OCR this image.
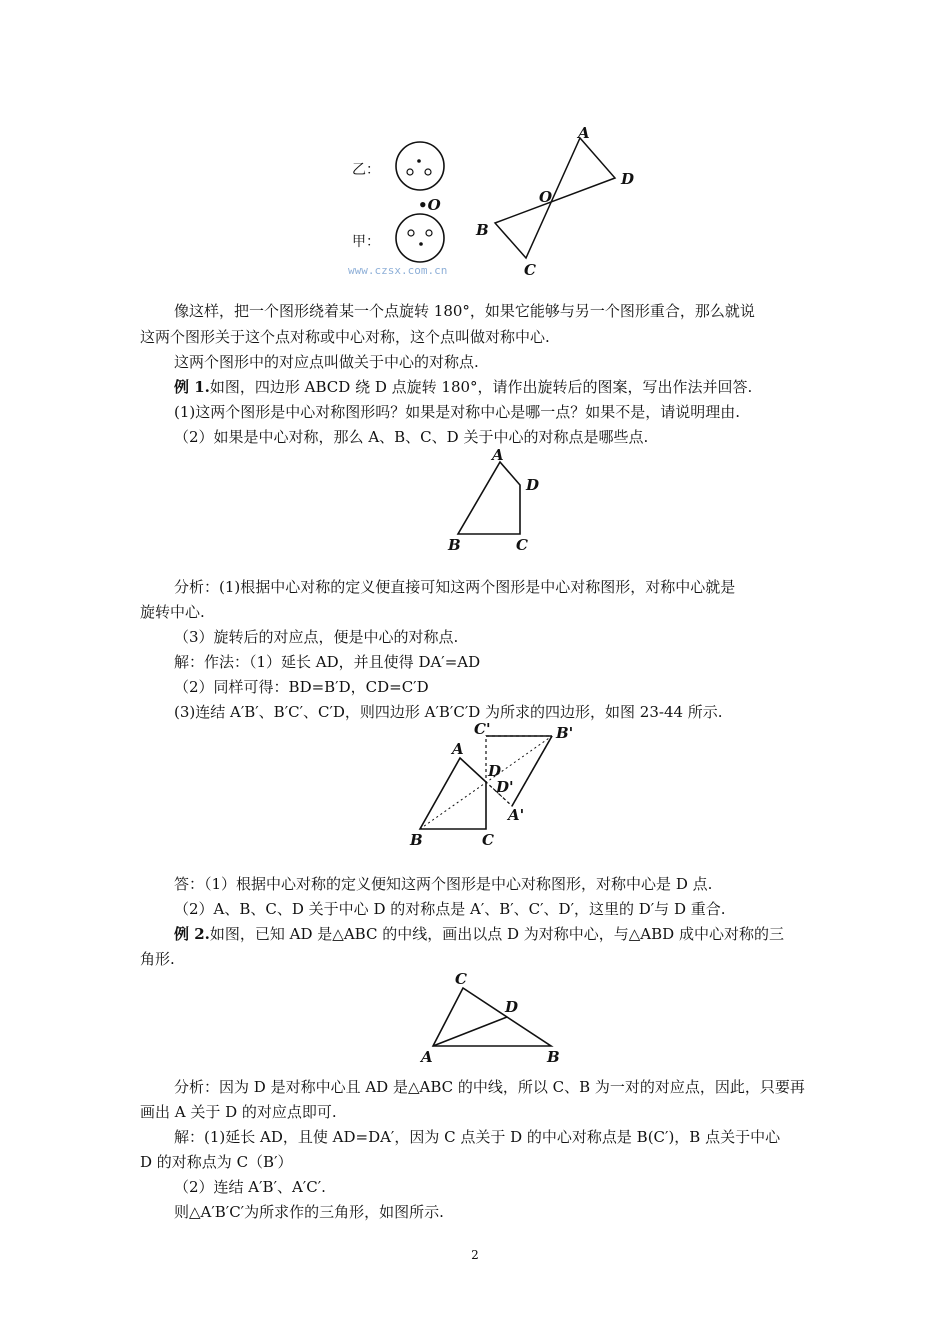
乙：
•O
甲：
A
D
B
C
O
www.czsx.com.cn
像这样，把一个图形绕着某一个点旋转 180°，如果它能够与另一个图形重合，那么就说
这两个图形关于这个点对称或中心对称，这个点叫做对称中心.
这两个图形中的对应点叫做关于中心的对称点.
例 1.如图，四边形 ABCD 绕 D 点旋转 180°，请作出旋转后的图案，写出作法并回答.
(1)这两个图形是中心对称图形吗？如果是对称中心是哪一点？如果不是，请说明理由.
（2）如果是中心对称，那么 A、B、C、D 关于中心的对称点是哪些点.
A
D
B	C
分析：(1)根据中心对称的定义便直接可知这两个图形是中心对称图形，对称中心就是
旋转中心.
（3）旋转后的对应点，便是中心的对称点.
解：作法：（1）延长 AD，并且使得 DA′=AD
（2）同样可得：BD=B′D，CD=C′D
(3)连结 A′B′、B′C′、C′D，则四边形 A′B′C′D 为所求的四边形，如图 23-44 所示.
A
D
B	C
A'
B'
C'
D'
答：（1）根据中心对称的定义便知这两个图形是中心对称图形，对称中心是 D 点.
（2）A、B、C、D 关于中心 D 的对称点是 A′、B′、C′、D′，这里的 D′与 D 重合.
例 2.如图，已知 AD 是△ABC 的中线，画出以点 D 为对称中心，与△ABD 成中心对称的三
角形.
C
D
A	B
分析：因为 D 是对称中心且 AD 是△ABC 的中线，所以 C、B 为一对的对应点，因此，只要再
画出 A 关于 D 的对应点即可.
解：(1)延长 AD，且使 AD=DA′，因为 C 点关于 D 的中心对称点是 B(C′)，B 点关于中心
D 的对称点为 C（B′）
（2）连结 A′B′、A′C′.
则△A′B′C′为所求作的三角形，如图所示.
2
